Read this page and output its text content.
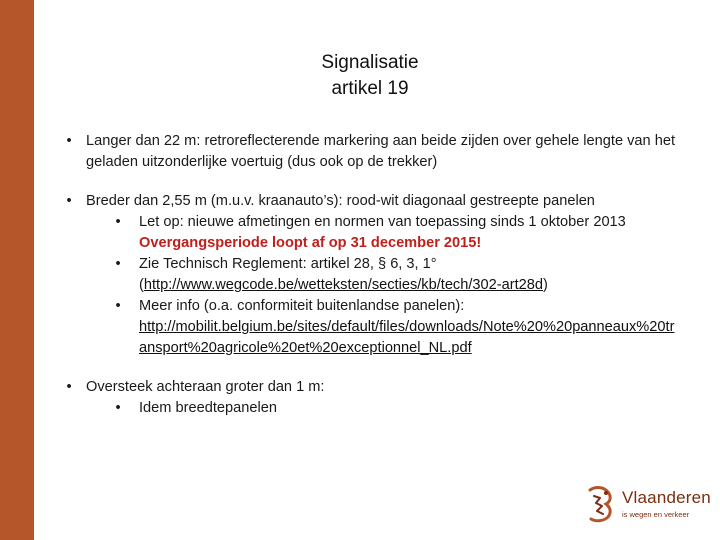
Signalisatie
artikel 19
• Langer dan 22 m: retroreflecterende markering aan beide zijden over gehele lengte van het geladen uitzonderlijke voertuig (dus ook op de trekker)
• Breder dan 2,55 m (m.u.v. kraanauto’s): rood-wit diagonaal gestreepte panelen
•	Let op: nieuwe afmetingen en normen van toepassing sinds 1 oktober 2013
Overgangsperiode loopt af op 31 december 2015!
•	Zie Technisch Reglement: artikel 28, § 6, 3, 1° (http://www.wegcode.be/wetteksten/secties/kb/tech/302-art28d)
•	Meer info (o.a. conformiteit buitenlandse panelen):
http://mobilit.belgium.be/sites/default/files/downloads/Note%20%20panneaux%20transport%20agricole%20et%20exceptionnel_NL.pdf
• Oversteek achteraan groter dan 1 m:
•	Idem breedtepanelen
Vlaanderen
is wegen en verkeer
